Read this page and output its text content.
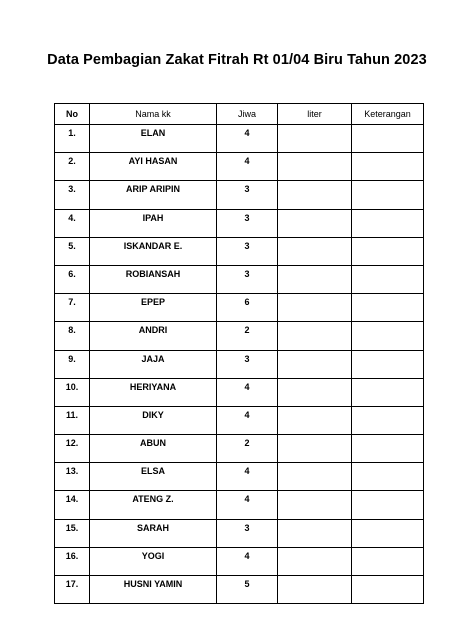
Data Pembagian Zakat Fitrah Rt 01/04 Biru Tahun 2023
No	Nama kk	Jiwa	liter	Keterangan
1.	ELAN	4		
2.	AYI HASAN	4		
3.	ARIP ARIPIN	3		
4.	IPAH	3		
5.	ISKANDAR E.	3		
6.	ROBIANSAH	3		
7.	EPEP	6		
8.	ANDRI	2		
9.	JAJA	3		
10.	HERIYANA	4		
11.	DIKY	4		
12.	ABUN	2		
13.	ELSA	4		
14.	ATENG Z.	4		
15.	SARAH	3		
16.	YOGI	4		
17.	HUSNI YAMIN	5		
